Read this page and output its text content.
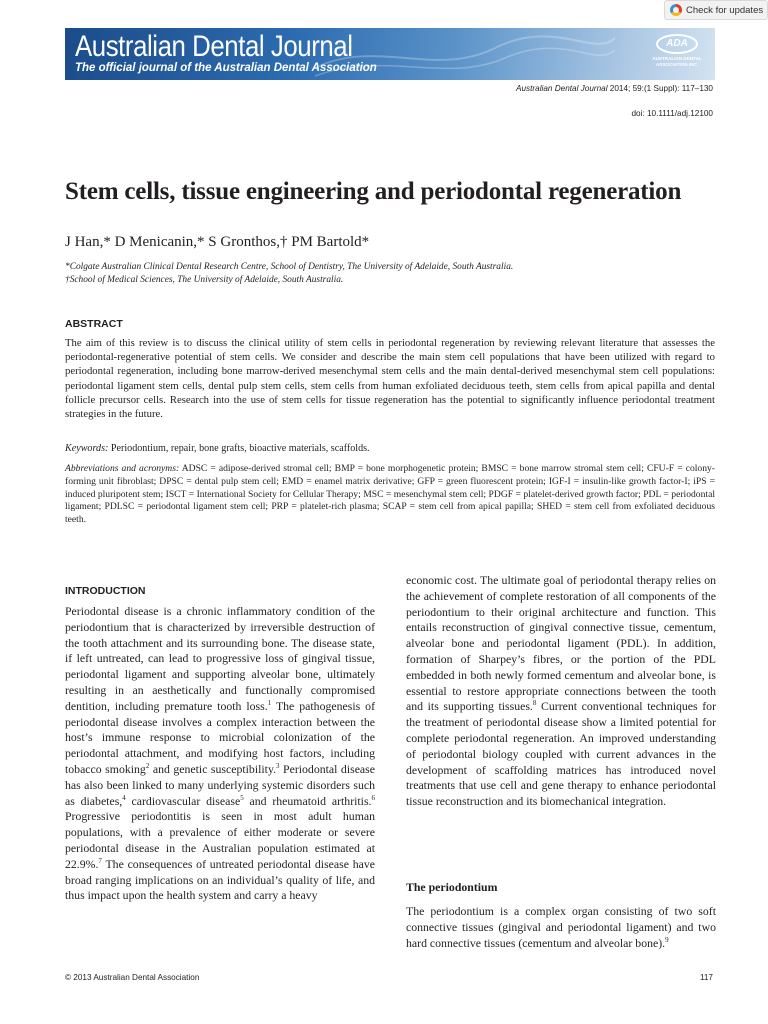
Check for updates
Australian Dental Journal
The official journal of the Australian Dental Association
ADA
AUSTRALIAN DENTAL
ASSOCIATION INC.
Australian Dental Journal 2014; 59:(1 Suppl): 117–130
doi: 10.1111/adj.12100
Stem cells, tissue engineering and periodontal regeneration
J Han,* D Menicanin,* S Gronthos,† PM Bartold*
*Colgate Australian Clinical Dental Research Centre, School of Dentistry, The University of Adelaide, South Australia.
†School of Medical Sciences, The University of Adelaide, South Australia.
ABSTRACT
The aim of this review is to discuss the clinical utility of stem cells in periodontal regeneration by reviewing relevant literature that assesses the periodontal-regenerative potential of stem cells. We consider and describe the main stem cell populations that have been utilized with regard to periodontal regeneration, including bone marrow-derived mesenchymal stem cells and the main dental-derived mesenchymal stem cell populations: periodontal ligament stem cells, dental pulp stem cells, stem cells from human exfoliated deciduous teeth, stem cells from apical papilla and dental follicle precursor cells. Research into the use of stem cells for tissue regeneration has the potential to significantly influence periodontal treatment strategies in the future.
Keywords: Periodontium, repair, bone grafts, bioactive materials, scaffolds.
Abbreviations and acronyms: ADSC = adipose-derived stromal cell; BMP = bone morphogenetic protein; BMSC = bone marrow stromal stem cell; CFU-F = colony-forming unit fibroblast; DPSC = dental pulp stem cell; EMD = enamel matrix derivative; GFP = green fluorescent protein; IGF-I = insulin-like growth factor-I; iPS = induced pluripotent stem; ISCT = International Society for Cellular Therapy; MSC = mesenchymal stem cell; PDGF = platelet-derived growth factor; PDL = periodontal ligament; PDLSC = periodontal ligament stem cell; PRP = platelet-rich plasma; SCAP = stem cell from apical papilla; SHED = stem cell from exfoliated deciduous teeth.
INTRODUCTION

Periodontal disease is a chronic inflammatory condition of the periodontium that is characterized by irreversible destruction of the tooth attachment and its surrounding bone. The disease state, if left untreated, can lead to progressive loss of gingival tissue, periodontal ligament and supporting alveolar bone, ultimately resulting in an aesthetically and functionally compromised dentition, including premature tooth loss.$^1$ The pathogenesis of periodontal disease involves a complex interaction between the host’s immune response to microbial colonization of the periodontal attachment, and modifying host factors, including tobacco smoking$^2$ and genetic susceptibility.$^3$ Periodontal disease has also been linked to many underlying systemic disorders such as diabetes,$^4$ cardiovascular disease$^5$ and rheumatoid arthritis.$^6$ Progressive periodontitis is seen in most adult human populations, with a prevalence of either moderate or severe periodontal disease in the Australian population estimated at 22.9%.$^7$ The consequences of untreated periodontal disease have broad ranging implications on an individual’s quality of life, and thus impact upon the health system and carry a heavy

economic cost. The ultimate goal of periodontal therapy relies on the achievement of complete restoration of all components of the periodontium to their original architecture and function. This entails reconstruction of gingival connective tissue, cementum, alveolar bone and periodontal ligament (PDL). In addition, formation of Sharpey’s fibres, or the portion of the PDL embedded in both newly formed cementum and alveolar bone, is essential to restore appropriate connections between the tooth and its supporting tissues.$^8$ Current conventional techniques for the treatment of periodontal disease show a limited potential for complete periodontal regeneration. An improved understanding of periodontal biology coupled with current advances in the development of scaffolding matrices has introduced novel treatments that use cell and gene therapy to enhance periodontal tissue reconstruction and its biomechanical integration.

The periodontium

The periodontium is a complex organ consisting of two soft connective tissues (gingival and periodontal ligament) and two hard connective tissues (cementum and alveolar bone).$^9$

© 2013 Australian Dental Association	117
